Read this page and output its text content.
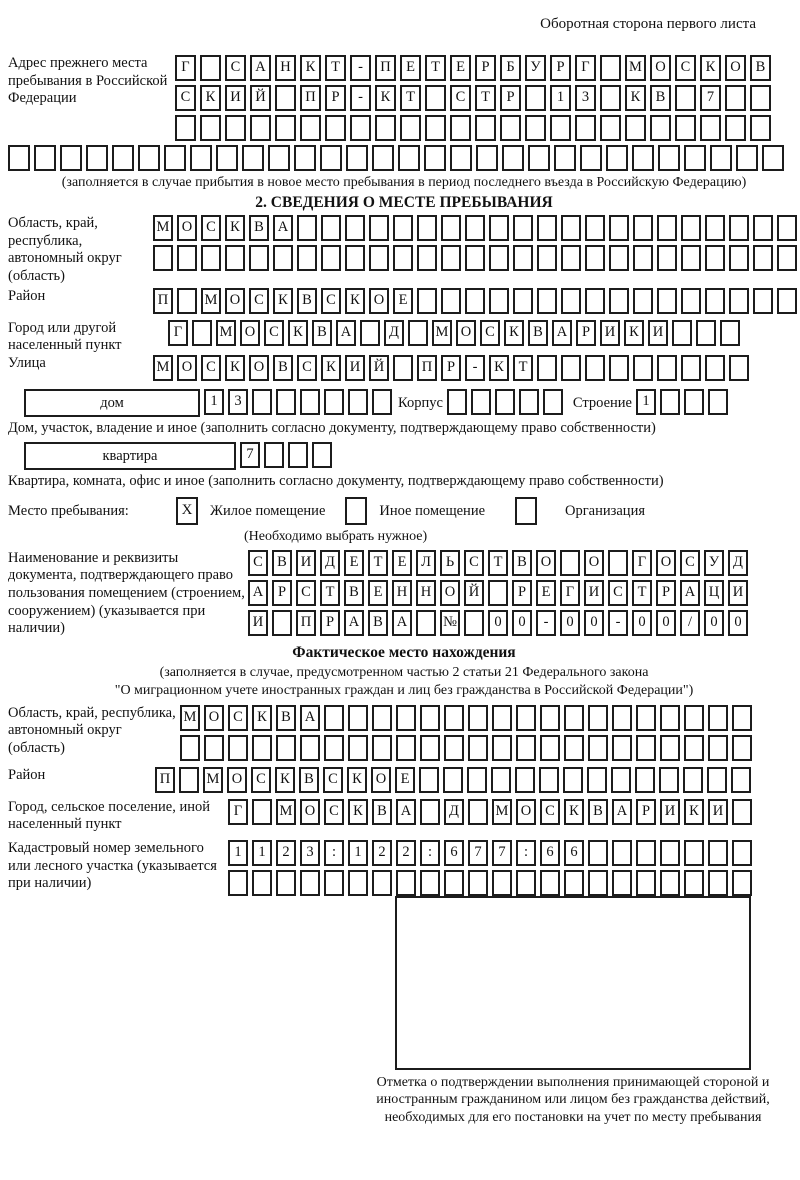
Оборотная сторона первого листа
Адрес прежнего места пребывания в Российской Федерации
Г	С А Н К Т - П Е Т Е Р Б У Р Г	М О С К О В
С К И Й	П Р - К Т	С Т Р	1 3	К В	7
(заполняется в случае прибытия в новое место пребывания в период последнего въезда в Российскую Федерацию)
2. СВЕДЕНИЯ О МЕСТЕ ПРЕБЫВАНИЯ
Область, край, республика, автономный округ (область)
М О С К В А
Район	П	М О С К В С К О Е
Город или другой населенный пункт
Г	М О С К В А	Д	М О С К В А Р И К И
Улица	М О С К О В С К И Й	П Р - К Т
дом	1 3	Корпус	Строение 1
Дом, участок, владение и иное (заполнить согласно документу, подтверждающему право собственности)
квартира	7
Квартира, комната, офис и иное (заполнить согласно документу, подтверждающему право собственности)
Место пребывания:	X	Жилое помещение	Иное помещение	Организация
(Необходимо выбрать нужное)
Наименование и реквизиты документа, подтверждающего право пользования помещением (строением, сооружением) (указывается при наличии)
С В И Д Е Т Е Л Ь С Т В О	О	Г О С У Д
А Р С Т В Е Н Н О Й	Р Е Г И С Т Р А Ц И
И	П Р А В А №	0 0 - 0 0 - 0 0 / 0 0
Фактическое место нахождения
(заполняется в случае, предусмотренном частью 2 статьи 21 Федерального закона
"О миграционном учете иностранных граждан и лиц без гражданства в Российской Федерации")
Область, край, республика, автономный округ (область)
М О С К В А
Район	П	М О С К В С К О Е
Город, сельское поселение, иной населенный пункт
Г	М О С К В А	Д	М О С К В А Р И К И
Кадастровый номер земельного или лесного участка (указывается при наличии)
1 1 2 3 : 1 2 2 : 6 7 7 : 6 6
Отметка о подтверждении выполнения принимающей стороной и иностранным гражданином или лицом без гражданства действий, необходимых для его постановки на учет по месту пребывания
